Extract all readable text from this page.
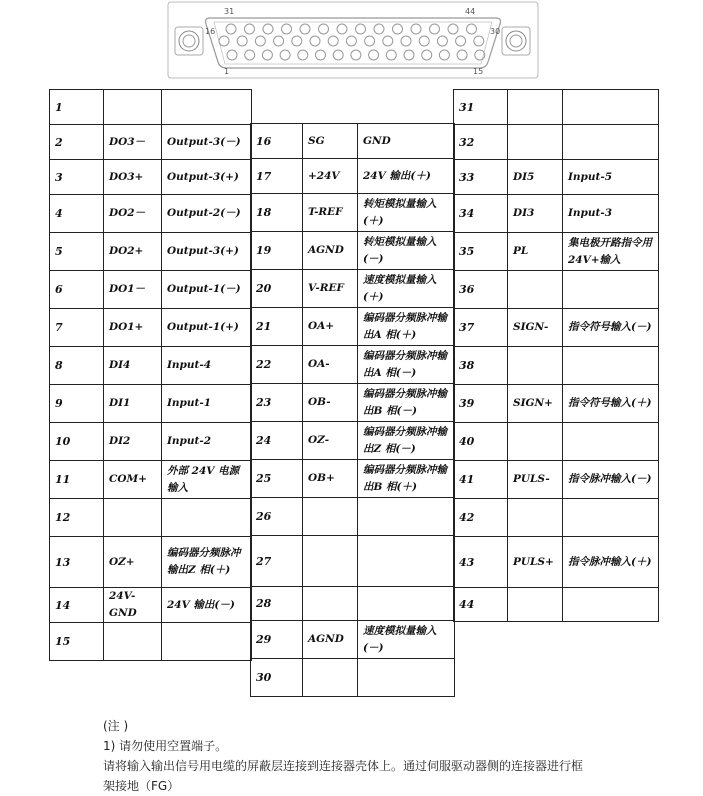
31	44
16	30
1	15
1		
2	DO3－	Output-3(－)
3	DO3+	Output-3(+)
4	DO2－	Output-2(－)
5	DO2+	Output-3(+)
6	DO1－	Output-1(－)
7	DO1+	Output-1(+)
8	DI4	Input-4
9	DI1	Input-1
10	DI2	Input-2
11	COM+	外部 24V 电源输入
12		
13	OZ+	编码器分频脉冲
输出Z 相(＋)
14	24V-GND	24V 输出(－)
15		
16	SG	GND
17	+24V	24V 输出(＋)
18	T-REF	转矩模拟量输入(＋)
19	AGND	转矩模拟量输入(－)
20	V-REF	速度模拟量输入(＋)
21	OA+	编码器分频脉冲输出A 相(＋)
22	OA-	编码器分频脉冲输出A 相(－)
23	OB-	编码器分频脉冲输出B 相(－)
24	OZ-	编码器分频脉冲输出Z 相(－)
25	OB+	编码器分频脉冲输出B 相(＋)
26		
27		
28		
29	AGND	速度模拟量输入(－)
30		
31		
32		
33	DI5	Input-5
34	DI3	Input-3
35	PL	集电极开路指令用24V+输入
36		
37	SIGN-	指令符号输入(－)
38		
39	SIGN+	指令符号输入(＋)
40		
41	PULS-	指令脉冲输入(－)
42		
43	PULS+	指令脉冲输入(＋)
44		
(注 )
1) 请勿使用空置端子。
请将输入输出信号用电缆的屏蔽层连接到连接器壳体上。通过伺服驱动器侧的连接器进行框
架接地（FG）
